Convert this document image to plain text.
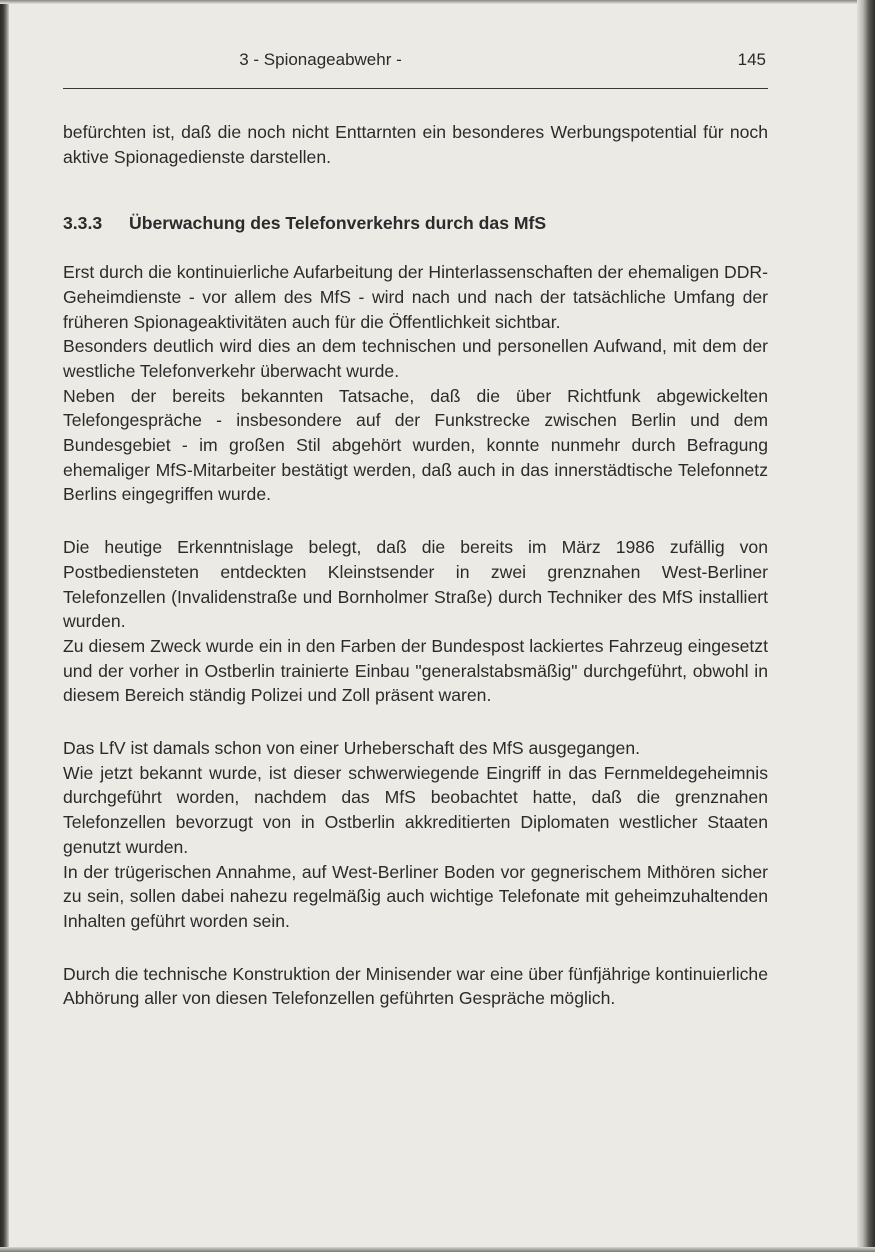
3 - Spionageabwehr -	145

befürchten ist, daß die noch nicht Enttarnten ein besonderes Werbungspotential für noch aktive Spionagedienste darstellen.

3.3.3 Überwachung des Telefonverkehrs durch das MfS

Erst durch die kontinuierliche Aufarbeitung der Hinterlassenschaften der ehemaligen DDR-Geheimdienste - vor allem des MfS - wird nach und nach der tatsächliche Umfang der früheren Spionageaktivitäten auch für die Öffentlichkeit sichtbar.

Besonders deutlich wird dies an dem technischen und personellen Aufwand, mit dem der westliche Telefonverkehr überwacht wurde.

Neben der bereits bekannten Tatsache, daß die über Richtfunk abgewickelten Telefongespräche - insbesondere auf der Funkstrecke zwischen Berlin und dem Bundesgebiet - im großen Stil abgehört wurden, konnte nunmehr durch Befragung ehemaliger MfS-Mitarbeiter bestätigt werden, daß auch in das innerstädtische Telefonnetz Berlins eingegriffen wurde.

Die heutige Erkenntnislage belegt, daß die bereits im März 1986 zufällig von Postbediensteten entdeckten Kleinstsender in zwei grenznahen West-Berliner Telefonzellen (Invalidenstraße und Bornholmer Straße) durch Techniker des MfS installiert wurden.

Zu diesem Zweck wurde ein in den Farben der Bundespost lackiertes Fahrzeug eingesetzt und der vorher in Ostberlin trainierte Einbau "generalstabsmäßig" durchgeführt, obwohl in diesem Bereich ständig Polizei und Zoll präsent waren.

Das LfV ist damals schon von einer Urheberschaft des MfS ausgegangen.

Wie jetzt bekannt wurde, ist dieser schwerwiegende Eingriff in das Fernmeldegeheimnis durchgeführt worden, nachdem das MfS beobachtet hatte, daß die grenznahen Telefonzellen bevorzugt von in Ostberlin akkreditierten Diplomaten westlicher Staaten genutzt wurden.

In der trügerischen Annahme, auf West-Berliner Boden vor gegnerischem Mithören sicher zu sein, sollen dabei nahezu regelmäßig auch wichtige Telefonate mit geheimzuhaltenden Inhalten geführt worden sein.

Durch die technische Konstruktion der Minisender war eine über fünfjährige kontinuierliche Abhörung aller von diesen Telefonzellen geführten Gespräche möglich.
